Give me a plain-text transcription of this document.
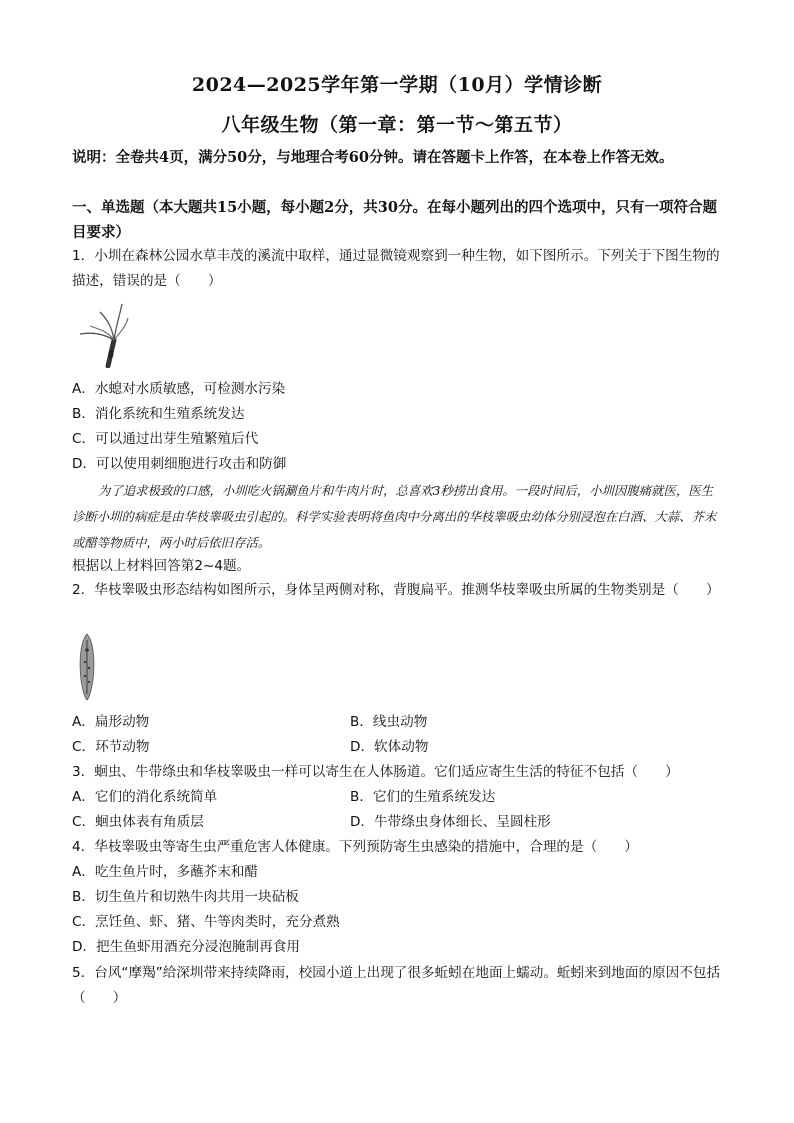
2024—2025学年第一学期（10月）学情诊断
八年级生物（第一章：第一节～第五节）
说明：全卷共4页，满分50分，与地理合考60分钟。请在答题卡上作答，在本卷上作答无效。
一、单选题（本大题共15小题，每小题2分，共30分。在每小题列出的四个选项中，只有一项符合题目要求）
1．小圳在森林公园水草丰茂的溪流中取样，通过显微镜观察到一种生物，如下图所示。下列关于下图生物的描述，错误的是（　　）
A．水螅对水质敏感，可检测水污染
B．消化系统和生殖系统发达
C．可以通过出芽生殖繁殖后代
D．可以使用刺细胞进行攻击和防御
为了追求极致的口感，小圳吃火锅涮鱼片和牛肉片时，总喜欢3秒捞出食用。一段时间后，小圳因腹痛就医，医生诊断小圳的病症是由华枝睾吸虫引起的。科学实验表明将鱼肉中分离出的华枝睾吸虫幼体分别浸泡在白酒、大蒜、芥末或醋等物质中，两小时后依旧存活。
根据以上材料回答第2~4题。
2．华枝睾吸虫形态结构如图所示，身体呈两侧对称，背腹扁平。推测华枝睾吸虫所属的生物类别是（　　）
A．扁形动物	B．线虫动物
C．环节动物	D．软体动物
3．蛔虫、牛带绦虫和华枝睾吸虫一样可以寄生在人体肠道。它们适应寄生生活的特征不包括（　　）
A．它们的消化系统简单	B．它们的生殖系统发达
C．蛔虫体表有角质层	D．牛带绦虫身体细长、呈圆柱形
4．华枝睾吸虫等寄生虫严重危害人体健康。下列预防寄生虫感染的措施中，合理的是（　　）
A．吃生鱼片时，多蘸芥末和醋
B．切生鱼片和切熟牛肉共用一块砧板
C．烹饪鱼、虾、猪、牛等肉类时，充分煮熟
D．把生鱼虾用酒充分浸泡腌制再食用
5．台风“摩羯”给深圳带来持续降雨，校园小道上出现了很多蚯蚓在地面上蠕动。蚯蚓来到地面的原因不包括（　　）
